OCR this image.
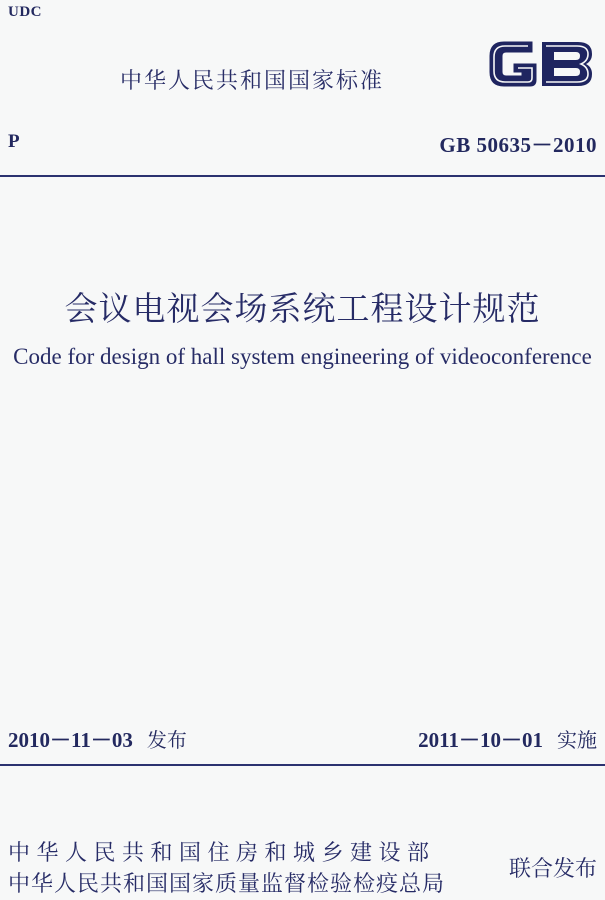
UDC
中华人民共和国国家标准
P	GB 50635－2010
会议电视会场系统工程设计规范
Code for design of hall system engineering of videoconference
2010－11－03 发布	2011－10－01 实施
中华人民共和国住房和城乡建设部
中华人民共和国国家质量监督检验检疫总局
联合发布
